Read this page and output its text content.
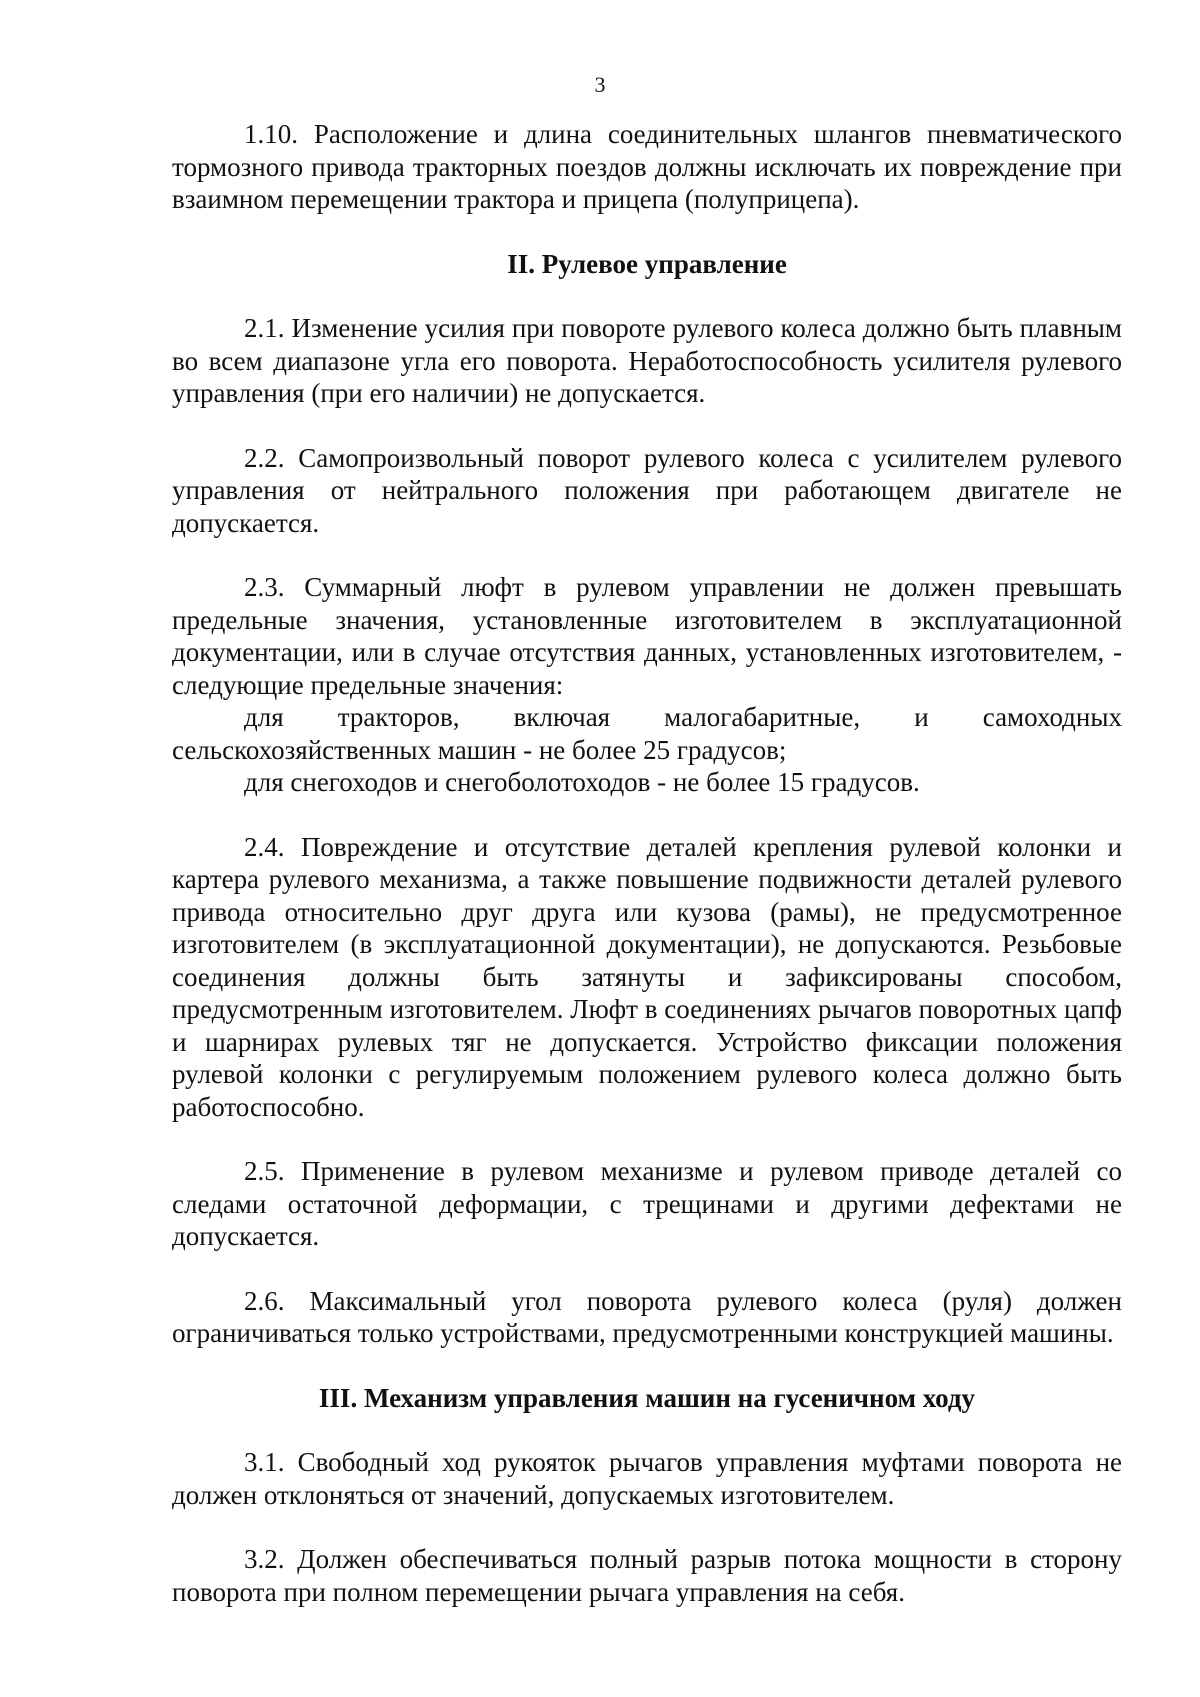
3

1.10. Расположение и длина соединительных шлангов пневматического тормозного привода тракторных поездов должны исключать их повреждение при взаимном перемещении трактора и прицепа (полуприцепа).

II. Рулевое управление

2.1. Изменение усилия при повороте рулевого колеса должно быть плавным во всем диапазоне угла его поворота. Неработоспособность усилителя рулевого управления (при его наличии) не допускается.

2.2. Самопроизвольный поворот рулевого колеса с усилителем рулевого управления от нейтрального положения при работающем двигателе не допускается.

2.3. Суммарный люфт в рулевом управлении не должен превышать предельные значения, установленные изготовителем в эксплуатационной документации, или в случае отсутствия данных, установленных изготовителем, - следующие предельные значения:

для тракторов, включая малогабаритные, и самоходных сельскохозяйственных машин - не более 25 градусов;

для снегоходов и снегоболотоходов - не более 15 градусов.

2.4. Повреждение и отсутствие деталей крепления рулевой колонки и картера рулевого механизма, а также повышение подвижности деталей рулевого привода относительно друг друга или кузова (рамы), не предусмотренное изготовителем (в эксплуатационной документации), не допускаются. Резьбовые соединения должны быть затянуты и зафиксированы способом, предусмотренным изготовителем. Люфт в соединениях рычагов поворотных цапф и шарнирах рулевых тяг не допускается. Устройство фиксации положения рулевой колонки с регулируемым положением рулевого колеса должно быть работоспособно.

2.5. Применение в рулевом механизме и рулевом приводе деталей со следами остаточной деформации, с трещинами и другими дефектами не допускается.

2.6. Максимальный угол поворота рулевого колеса (руля) должен ограничиваться только устройствами, предусмотренными конструкцией машины.

III. Механизм управления машин на гусеничном ходу

3.1. Свободный ход рукояток рычагов управления муфтами поворота не должен отклоняться от значений, допускаемых изготовителем.

3.2. Должен обеспечиваться полный разрыв потока мощности в сторону поворота при полном перемещении рычага управления на себя.
